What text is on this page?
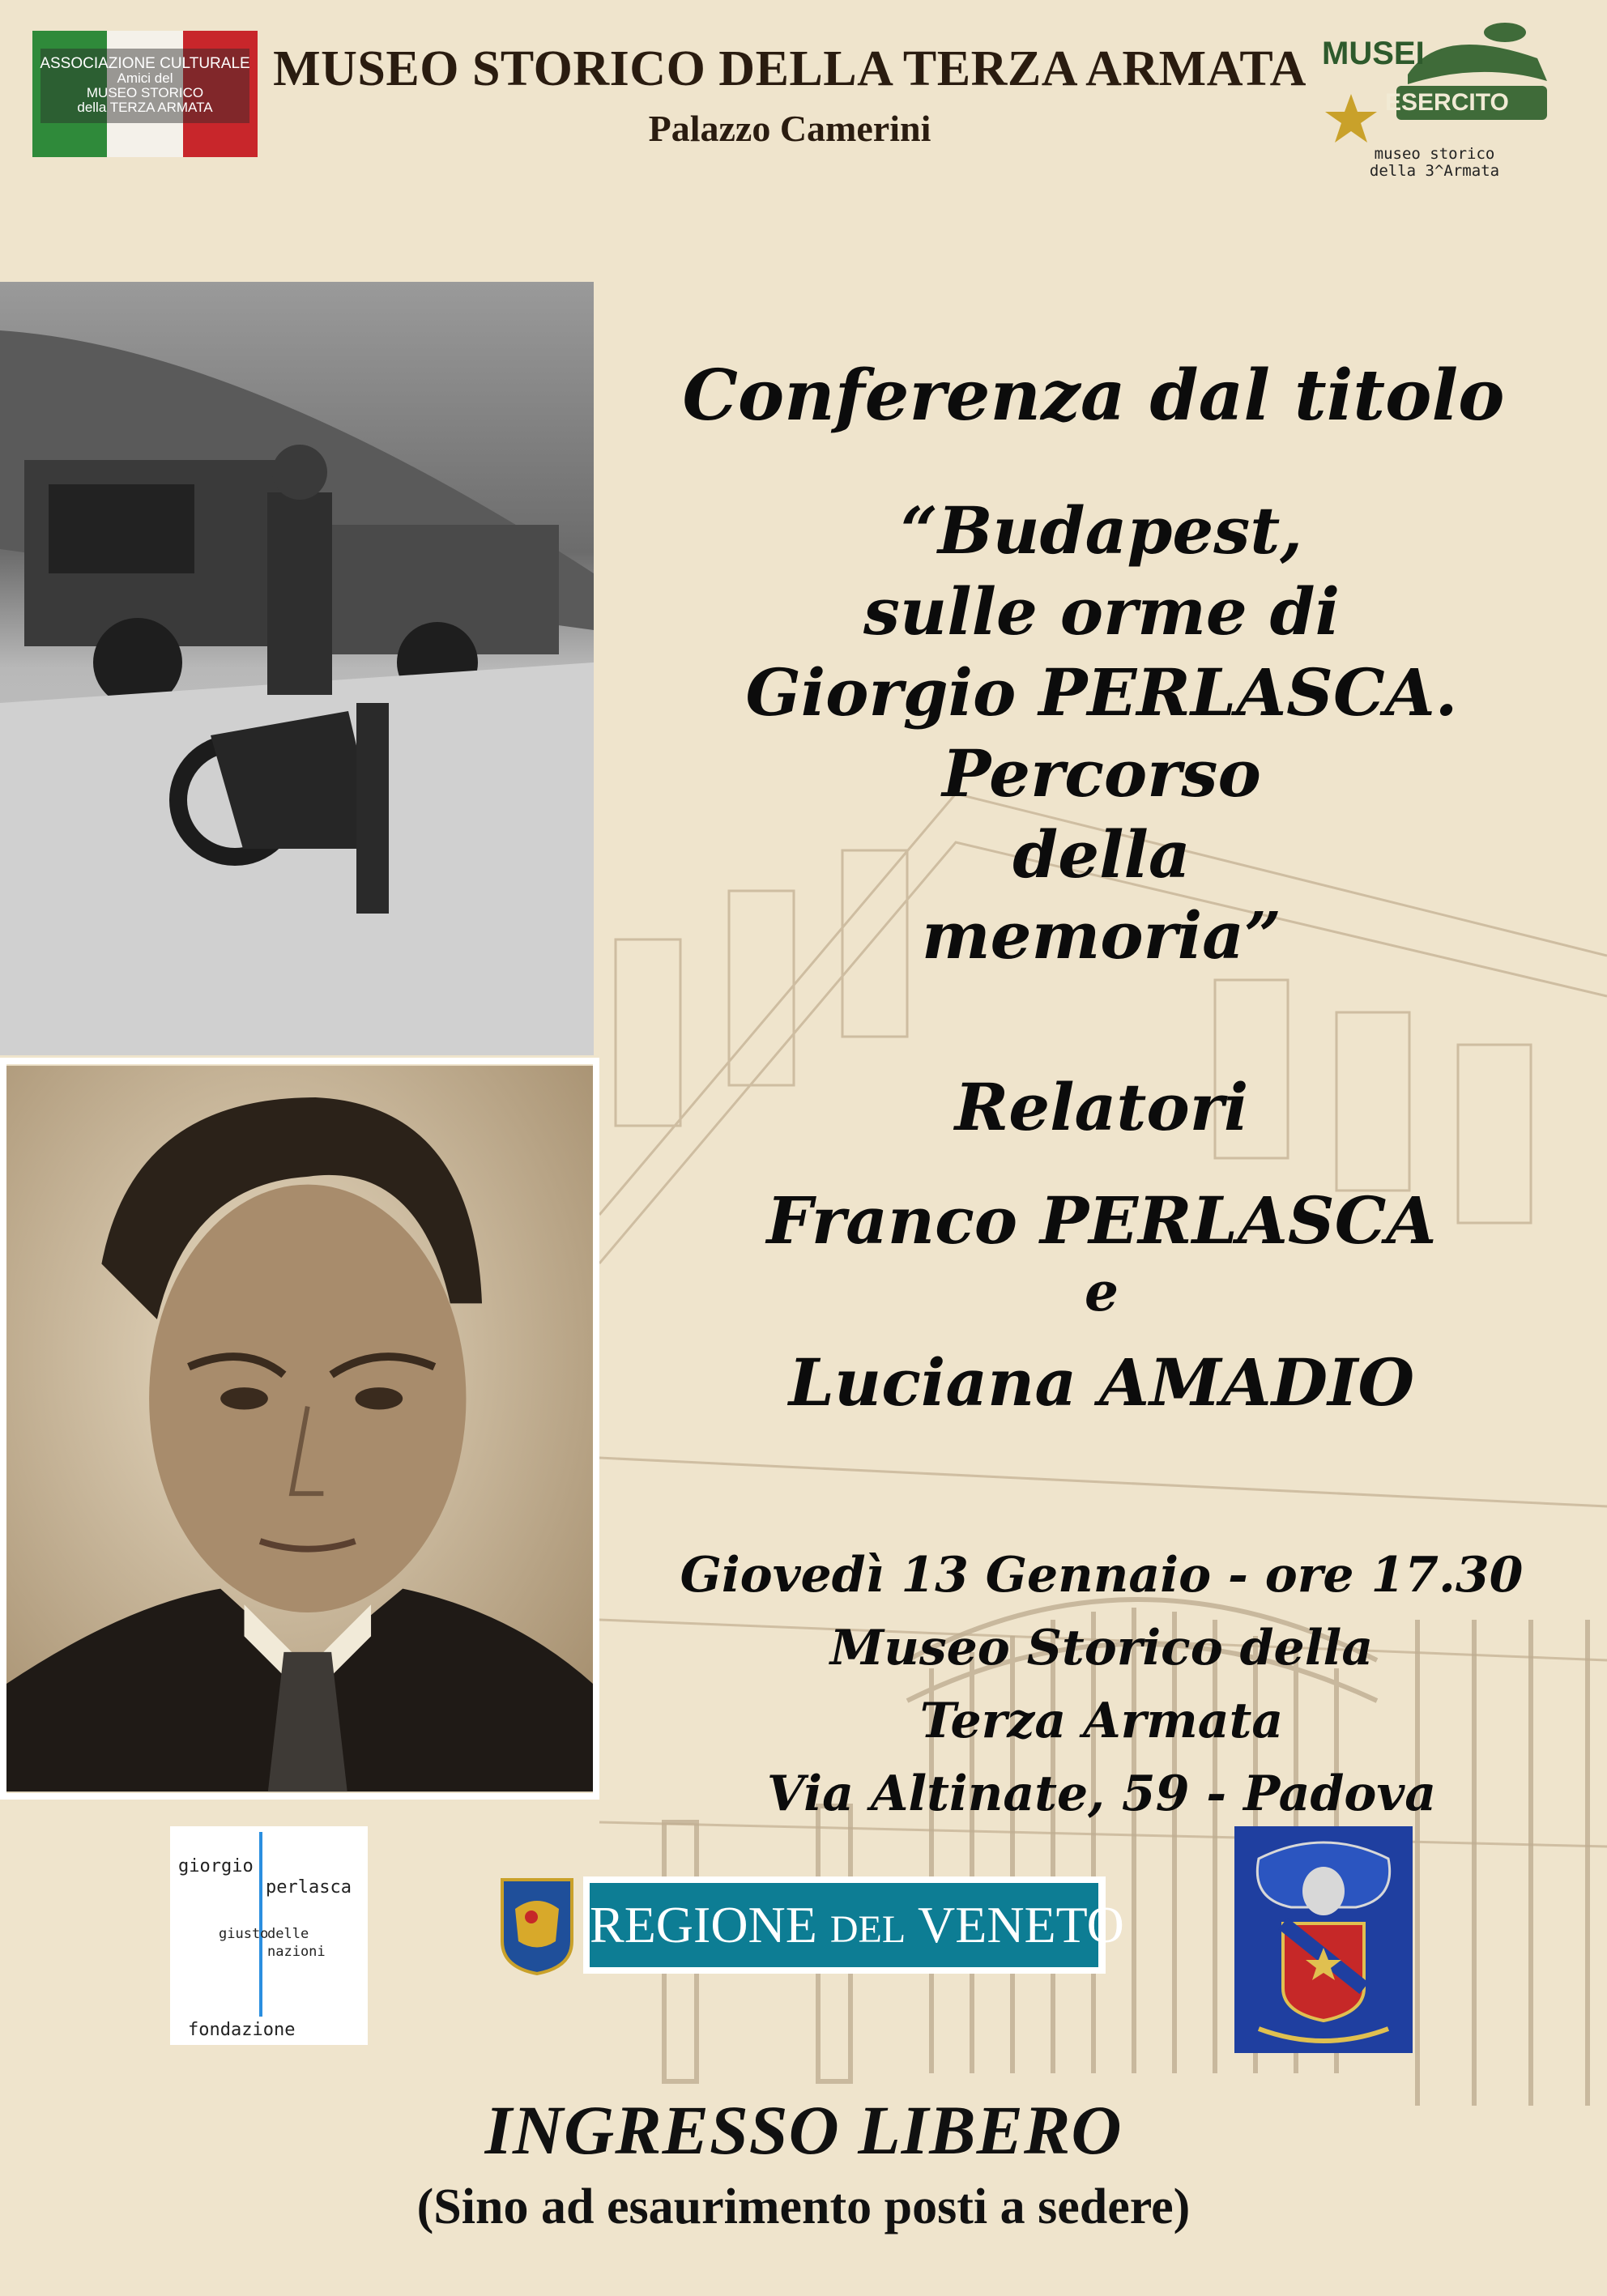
ASSOCIAZIONE CULTURALE
Amici del
MUSEO STORICO
della TERZA ARMATA
MUSEO STORICO DELLA TERZA ARMATA
Palazzo Camerini
MUSEI
ESERCITO
museo storico
della 3^Armata
Conferenza dal titolo
“Budapest,
sulle orme di
Giorgio PERLASCA.
Percorso
della
memoria”
Relatori
Franco PERLASCA
e
Luciana AMADIO
Giovedì 13 Gennaio - ore 17.30
Museo Storico della
Terza Armata
Via Altinate, 59 - Padova
giorgio
perlasca
giusto
delle
nazioni
fondazione
REGIONE DEL VENETO
INGRESSO LIBERO
(Sino ad esaurimento posti a sedere)
